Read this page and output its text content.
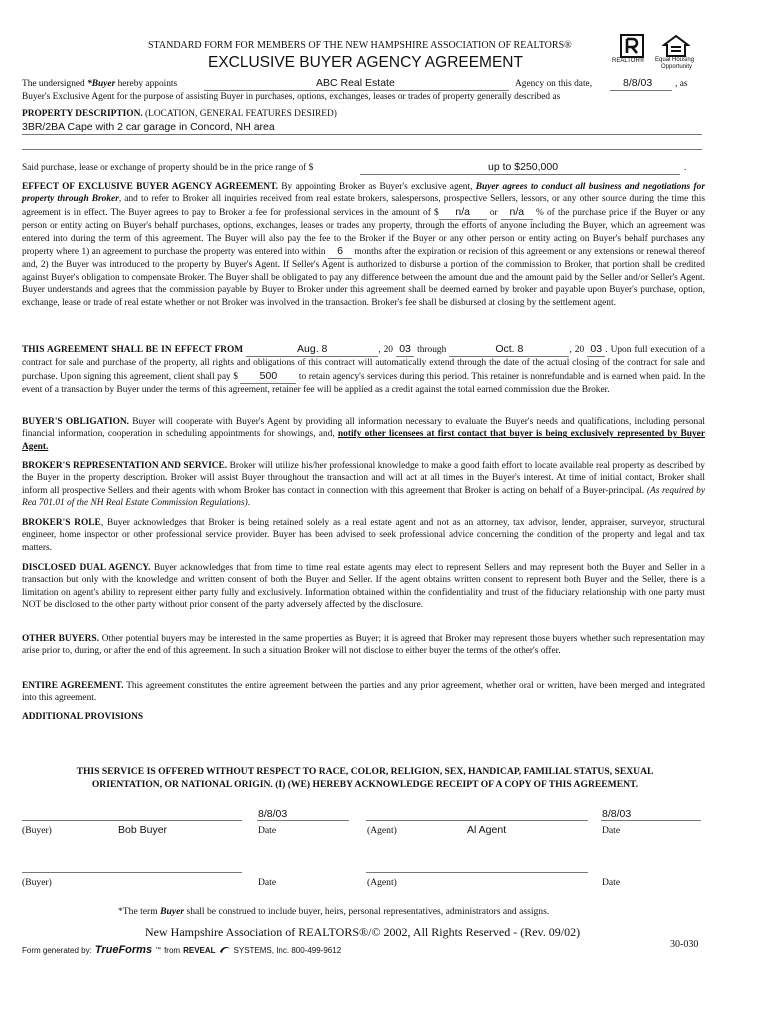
STANDARD FORM FOR MEMBERS OF THE NEW HAMPSHIRE ASSOCIATION OF REALTORS®
EXCLUSIVE BUYER AGENCY AGREEMENT	REALTOR® Equal Housing
Opportunity
The undersigned *Buyer hereby appoints	ABC Real Estate	Agency on this date,	8/8/03 , as
Buyer's Exclusive Agent for the purpose of assisting Buyer in purchases, options, exchanges, leases or trades of property generally described as
PROPERTY DESCRIPTION. (LOCATION, GENERAL FEATURES DESIRED)
3BR/2BA Cape with 2 car garage in Concord, NH area
Said purchase, lease or exchange of property should be in the price range of $	up to $250,000	.

EFFECT OF EXCLUSIVE BUYER AGENCY AGREEMENT. By appointing Broker as Buyer's exclusive agent, Buyer agrees to conduct all business and negotiations for property through Broker, and to refer to Broker all inquiries received from real estate brokers, salespersons, prospective Sellers, lessors, or any other source during the time this agreement is in effect. The Buyer agrees to pay to Broker a fee for professional services in the amount of $ n/a or n/a % of the purchase price if the Buyer or any person or entity acting on Buyer's behalf purchases, options, exchanges, leases or trades any property, through the efforts of anyone including the Buyer, which an agreement was entered into during the term of this agreement. The Buyer will also pay the fee to the Broker if the Buyer or any other person or entity acting on Buyer's behalf purchases any property where 1) an agreement to purchase the property was entered into within 6 months after the expiration or recision of this agreement or any extensions or renewal thereof and, 2) the Buyer was introduced to the property by Buyer's Agent. If Seller's Agent is authorized to disburse a portion of the commission to Broker, that portion shall be credited against Buyer's obligation to compensate Broker. The Buyer shall be obligated to pay any difference between the amount due and the amount paid by the Seller and/or Seller's Agent. Buyer understands and agrees that the commission payable by Buyer to Broker under this agreement shall be deemed earned by broker and payable upon Buyer's purchase, option, exchange, lease or trade of real estate whether or not Broker was involved in the transaction. Broker's fee shall be disbursed at closing by the settlement agent.

THIS AGREEMENT SHALL BE IN EFFECT FROM	Aug. 8	, 20 03 through	Oct. 8	, 20 03 . Upon full execution of a contract for sale and purchase of the property, all rights and obligations of this contract will automatically extend through the date of the actual closing of the contract for sale and purchase. Upon signing this agreement, client shall pay $ 500 to retain agency's services during this period. This retainer is nonrefundable and is earned when paid. In the event of a transaction by Buyer under the terms of this agreement, retainer fee will be applied as a credit against the total earned commission due the Broker.

BUYER'S OBLIGATION. Buyer will cooperate with Buyer's Agent by providing all information necessary to evaluate the Buyer's needs and qualifications, including personal financial information, cooperation in scheduling appointments for showings, and, notify other licensees at first contact that buyer is being exclusively represented by Buyer Agent.

BROKER'S REPRESENTATION AND SERVICE. Broker will utilize his/her professional knowledge to make a good faith effort to locate available real property as described by the Buyer in the property description. Broker will assist Buyer throughout the transaction and will act at all times in the Buyer's interest. At time of initial contact, Broker shall inform all prospective Sellers and their agents with whom Broker has contact in connection with this agreement that Broker is acting on behalf of a Buyer-principal. (As required by Rea 701.01 of the NH Real Estate Commission Regulations).

BROKER'S ROLE, Buyer acknowledges that Broker is being retained solely as a real estate agent and not as an attorney, tax advisor, lender, appraiser, surveyor, structural engineer, home inspector or other professional service provider. Buyer has been advised to seek professional advice concerning the condition of the property and legal and tax matters.

DISCLOSED DUAL AGENCY. Buyer acknowledges that from time to time real estate agents may elect to represent Sellers and may represent both the Buyer and Seller in a transaction but only with the knowledge and written consent of both the Buyer and Seller. If the agent obtains written consent to represent both Buyer and the Seller, there is a limitation on agent's ability to represent either party fully and exclusively. Information obtained within the confidentiality and trust of the fiduciary relationship with one party must NOT be disclosed to the other party without prior consent of the party adversely affected by the disclosure.

OTHER BUYERS. Other potential buyers may be interested in the same properties as Buyer; it is agreed that Broker may represent those buyers whether such representation may arise prior to, during, or after the end of this agreement. In such a situation Broker will not disclose to either buyer the terms of the other's offer.

ENTIRE AGREEMENT. This agreement constitutes the entire agreement between the parties and any prior agreement, whether oral or written, have been merged and integrated into this agreement.

ADDITIONAL PROVISIONS
THIS SERVICE IS OFFERED WITHOUT RESPECT TO RACE, COLOR, RELIGION, SEX, HANDICAP, FAMILIAL STATUS, SEXUAL
ORIENTATION, OR NATIONAL ORIGIN. (I) (WE) HEREBY ACKNOWLEDGE RECEIPT OF A COPY OF THIS AGREEMENT.
8/8/03	8/8/03
(Buyer)	Bob Buyer	Date	(Agent)	Al Agent	Date
(Buyer)	Date	(Agent)	Date
*The term Buyer shall be construed to include buyer, heirs, personal representatives, administrators and assigns.
New Hampshire Association of REALTORS®/© 2002, All Rights Reserved - (Rev. 09/02)
30-030
Form generated by: TrueForms ™ from REVEAL SYSTEMS, Inc. 800-499-9612
